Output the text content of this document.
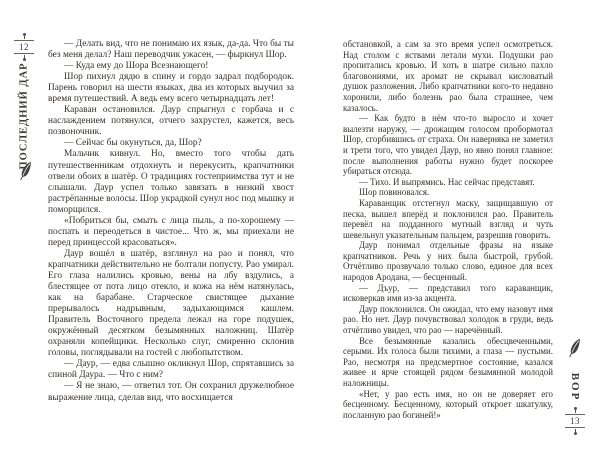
12
ПОСЛЕДНИЙ ДАР

— Делать вид, что не понимаю их язык, да-да. Что бы ты без меня делал? Наш переводчик ужасен, — фыркнул Шор.

— Куда ему до Шора Всезнающего!

Шор пихнул дядю в спину и гордо задрал подбородок. Парень говорил на шести языках, два из которых выучил за время путешествий. А ведь ему всего четырнадцать лет!

Караван остановился. Даур спрыгнул с горбача и с наслаждением потянулся, отчего захрустел, кажется, весь позвоночник.

— Сейчас бы окунуться, да, Шор?

Мальчик кивнул. Но, вместо того чтобы дать путешественникам отдохнуть и перекусить, крапчатники отвели обоих в шатёр. О традициях гостеприимства тут и не слышали. Даур успел только завязать в низкий хвост растрёпанные волосы. Шор украдкой сунул нос под мышку и поморщился.

«Побриться бы, смыть с лица пыль, а по-хорошему — поспать и переодеться в чистое... Что ж, мы приехали не перед принцессой красоваться».

Даур вошёл в шатёр, взглянул на рао и понял, что крапчатники действительно не болтали попусту. Рао умирал. Его глаза налились кровью, вены на лбу вздулись, а блестящее от пота лицо отекло, и кожа на нём натянулась, как на барабане. Старческое свистящее дыхание прерывалось надрывным, задыхающимся кашлем. Правитель Восточного предела лежал на горе подушек, окружённый десятком безымянных наложниц. Шатёр охраняли копейщики. Несколько слуг, смиренно склонив головы, поглядывали на гостей с любопытством.

— Даур, — едва слышно окликнул Шор, спрятавшись за спиной Даура. — Что с ним?

— Я не знаю, — ответил тот. Он сохранил дружелюбное выражение лица, сделав вид, что восхищается

обстановкой, а сам за это время успел осмотреться. Над столом с яствами летали мухи. Подушки рао пропитались кровью. И хоть в шатре сильно пахло благовониями, их аромат не скрывал кисловатый душок разложения. Либо крапчатники кого-то недавно хоронили, либо болезнь рао была страшнее, чем казалось.

— Как будто в нём что-то выросло и хочет вылезти наружу, — дрожащим голосом пробормотал Шор, сгорбившись от страха. Он наверняка не заметил и трети того, что увидел Даур, но явно понял главное: после выполнения работы нужно будет поскорее убираться отсюда.

— Тихо. И выпрямись. Нас сейчас представят.

Шор повиновался.

Караванщик отстегнул маску, защищавшую от песка, вышел вперёд и поклонился рао. Правитель перевёл на подданного мутный взгляд и чуть шевельнул указательным пальцем, разрешив говорить.

Даур понимал отдельные фразы на языке крапчатников. Речь у них была быстрой, грубой. Отчётливо прозвучало только слово, единое для всех народов Ародана, — бесценный.

— Дъур, — представил того караванщик, исковеркав имя из-за акцента.

Даур поклонился. Он ожидал, что ему назовут имя рао. Но нет. Даур почувствовал холодок в груди, ведь отчётливо увидел, что рао — наречённый.

Все безымянные казались обесцвеченными, серыми. Их голоса были тихими, а глаза — пустыми. Рао, несмотря на предсмертное состояние, казался живее и ярче стоящей рядом безымянной молодой наложницы.

«Нет, у рао есть имя, но он не доверяет его бесценному. Бесценному, который откроет шкатулку, посланную рао богиней!»

ВОР
13
